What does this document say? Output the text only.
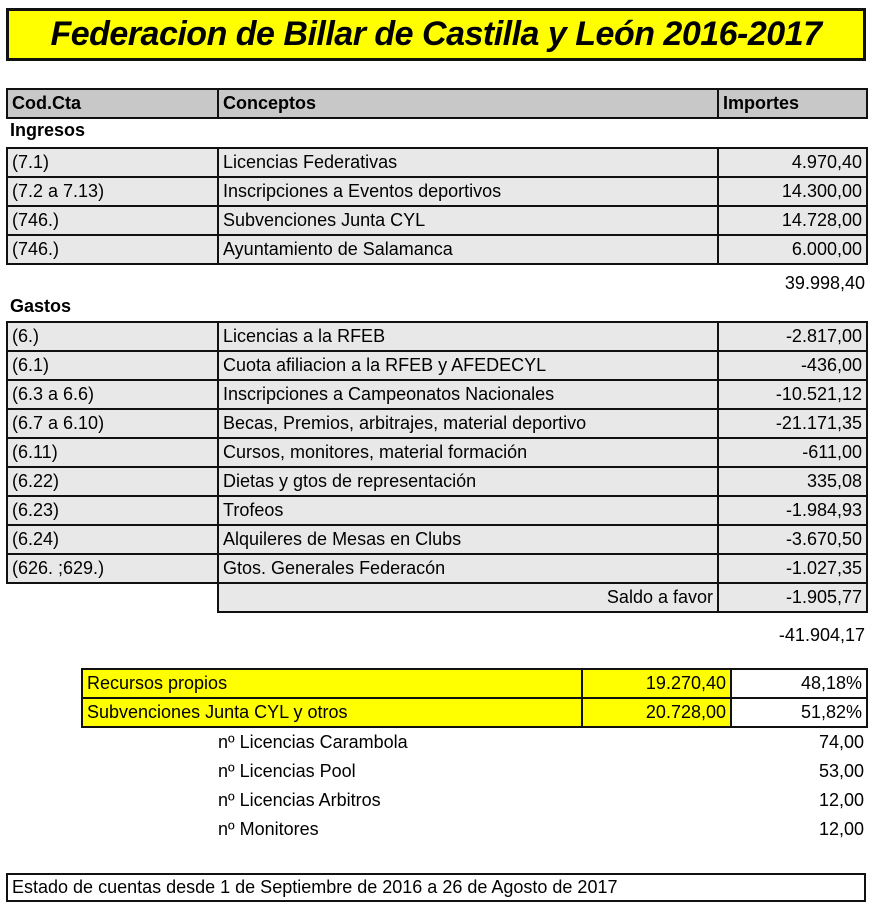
Federacion de Billar de Castilla y León 2016-2017
Cod.Cta	Conceptos	Importes
Ingresos
(7.1)	Licencias Federativas	4.970,40
(7.2 a 7.13)	Inscripciones a Eventos deportivos	14.300,00
(746.)	Subvenciones Junta CYL	14.728,00
(746.)	Ayuntamiento de Salamanca	6.000,00
39.998,40
Gastos
(6.)	Licencias a la RFEB	-2.817,00
(6.1)	Cuota afiliacion a la RFEB y AFEDECYL	-436,00
(6.3 a 6.6)	Inscripciones a Campeonatos Nacionales	-10.521,12
(6.7 a 6.10)	Becas, Premios, arbitrajes, material deportivo	-21.171,35
(6.11)	Cursos, monitores, material formación	-611,00
(6.22)	Dietas y gtos de representación	335,08
(6.23)	Trofeos	-1.984,93
(6.24)	Alquileres de Mesas en Clubs	-3.670,50
(626. ;629.)	Gtos. Generales Federacón	-1.027,35
Saldo a favor	-1.905,77
-41.904,17
Recursos propios	19.270,40	48,18%
Subvenciones Junta CYL y otros	20.728,00	51,82%
nº Licencias Carambola	74,00
nº Licencias Pool	53,00
nº Licencias Arbitros	12,00
nº Monitores	12,00
Estado de cuentas desde 1 de Septiembre de 2016 a 26 de Agosto de 2017
